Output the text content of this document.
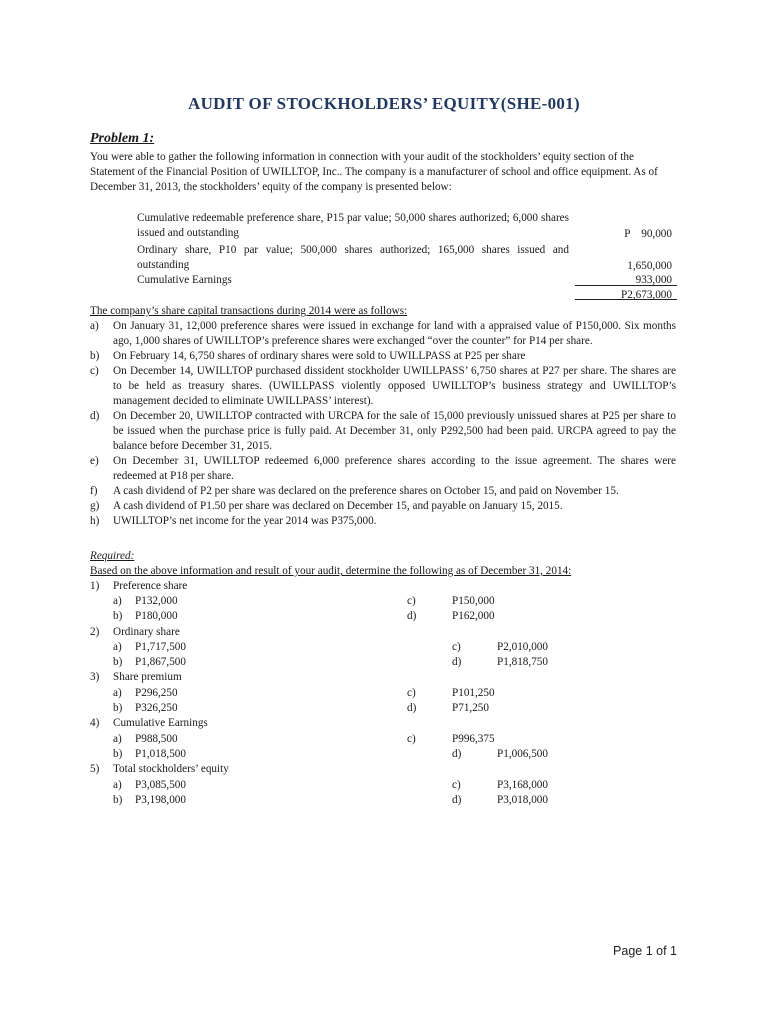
AUDIT OF STOCKHOLDERS’ EQUITY(SHE-001)
Problem 1:
You were able to gather the following information in connection with your audit of the stockholders’ equity section of the
Statement of the Financial Position of UWILLTOP, Inc.. The company is a manufacturer of school and office equipment. As of
December 31, 2013, the stockholders’ equity of the company is presented below:
Cumulative redeemable preference share, P15 par value; 50,000 shares authorized; 6,000 shares issued and outstanding	P    90,000
Ordinary share, P10 par value; 500,000 shares authorized; 165,000 shares issued and outstanding	1,650,000
Cumulative Earnings	933,000
P2,673,000
The company’s share capital transactions during 2014 were as follows:
a) On January 31, 12,000 preference shares were issued in exchange for land with a appraised value of P150,000. Six months ago, 1,000 shares of UWILLTOP’s preference shares were exchanged “over the counter” for P14 per share.
b) On February 14, 6,750 shares of ordinary shares were sold to UWILLPASS at P25 per share
c) On December 14, UWILLTOP purchased dissident stockholder UWILLPASS’ 6,750 shares at P27 per share. The shares are to be held as treasury shares. (UWILLPASS violently opposed UWILLTOP’s business strategy and UWILLTOP’s management decided to eliminate UWILLPASS’ interest).
d) On December 20, UWILLTOP contracted with URCPA for the sale of 15,000 previously unissued shares at P25 per share to be issued when the purchase price is fully paid. At December 31, only P292,500 had been paid. URCPA agreed to pay the balance before December 31, 2015.
e) On December 31, UWILLTOP redeemed 6,000 preference shares according to the issue agreement. The shares were redeemed at P18 per share.
f) A cash dividend of P2 per share was declared on the preference shares on October 15, and paid on November 15.
g) A cash dividend of P1.50 per share was declared on December 15, and payable on January 15, 2015.
h) UWILLTOP’s net income for the year 2014 was P375,000.
Required:
Based on the above information and result of your audit, determine the following as of December 31, 2014:
1) Preference share
a) P132,000
b) P180,000
c)	P150,000
d)	P162,000
2) Ordinary share
a) P1,717,500
b) P1,867,500
c)	P2,010,000
d)	P1,818,750
3) Share premium
a) P296,250
b) P326,250
c)	P101,250
d)	P71,250
4) Cumulative Earnings
a) P988,500
b) P1,018,500
c)	P996,375
d)	P1,006,500
5) Total stockholders’ equity
a) P3,085,500
b) P3,198,000
c)	P3,168,000
d)	P3,018,000
Page 1 of 1
